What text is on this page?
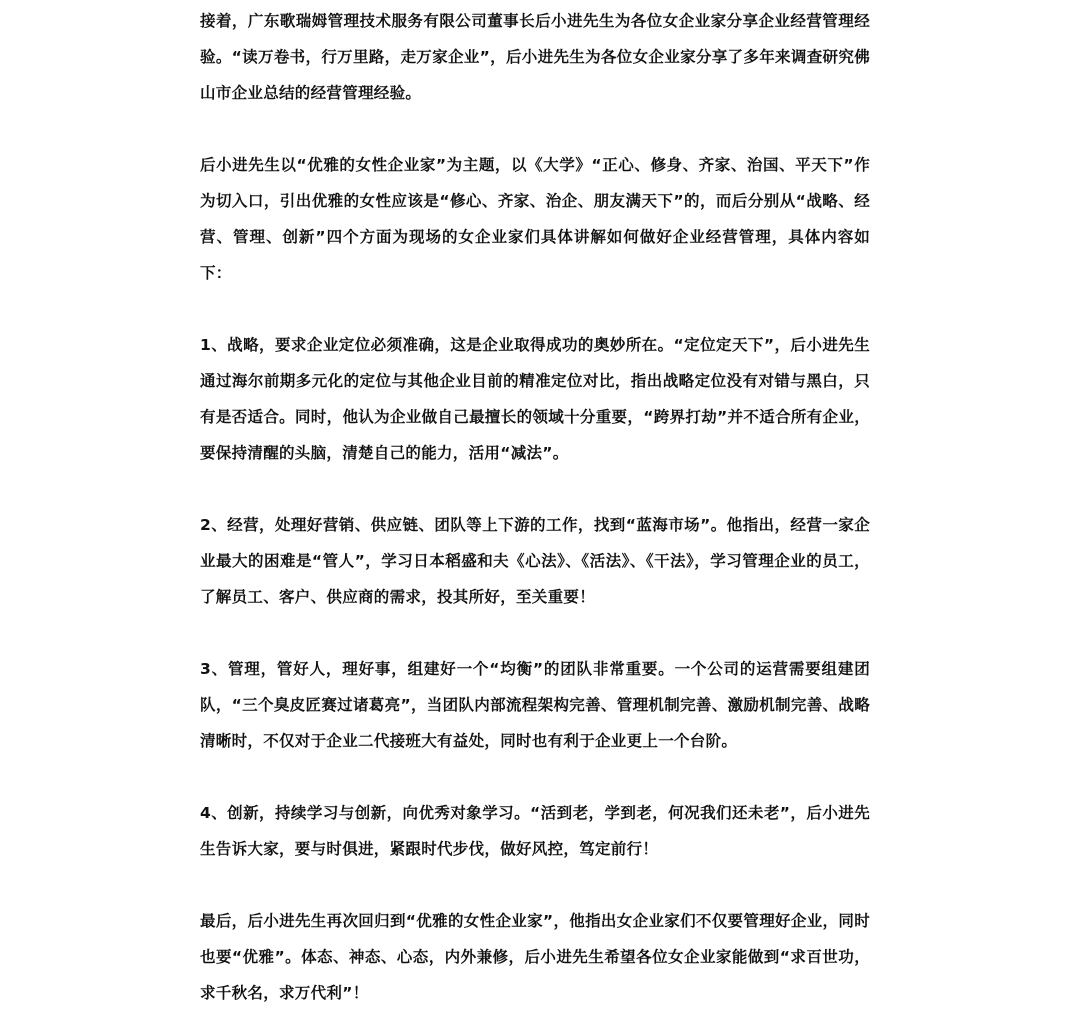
接着，广东歌瑞姆管理技术服务有限公司董事长后小进先生为各位女企业家分享企业经营管理经验。“读万卷书，行万里路，走万家企业”，后小进先生为各位女企业家分享了多年来调查研究佛山市企业总结的经营管理经验。

后小进先生以“优雅的女性企业家”为主题，以《大学》“正心、修身、齐家、治国、平天下”作为切入口，引出优雅的女性应该是“修心、齐家、治企、朋友满天下”的，而后分别从“战略、经营、管理、创新”四个方面为现场的女企业家们具体讲解如何做好企业经营管理，具体内容如下：

1、战略，要求企业定位必须准确，这是企业取得成功的奥妙所在。“定位定天下”，后小进先生通过海尔前期多元化的定位与其他企业目前的精准定位对比，指出战略定位没有对错与黑白，只有是否适合。同时，他认为企业做自己最擅长的领域十分重要，“跨界打劫”并不适合所有企业，要保持清醒的头脑，清楚自己的能力，活用“减法”。

2、经营，处理好营销、供应链、团队等上下游的工作，找到“蓝海市场”。他指出，经营一家企业最大的困难是“管人”，学习日本稻盛和夫《心法》、《活法》、《干法》，学习管理企业的员工，了解员工、客户、供应商的需求，投其所好，至关重要！

3、管理，管好人，理好事，组建好一个“均衡”的团队非常重要。一个公司的运营需要组建团队，“三个臭皮匠赛过诸葛亮”，当团队内部流程架构完善、管理机制完善、激励机制完善、战略清晰时，不仅对于企业二代接班大有益处，同时也有利于企业更上一个台阶。

4、创新，持续学习与创新，向优秀对象学习。“活到老，学到老，何况我们还未老”，后小进先生告诉大家，要与时俱进，紧跟时代步伐，做好风控，笃定前行！

最后，后小进先生再次回归到“优雅的女性企业家”，他指出女企业家们不仅要管理好企业，同时也要“优雅”。体态、神态、心态，内外兼修，后小进先生希望各位女企业家能做到“求百世功，求千秋名，求万代利”！
